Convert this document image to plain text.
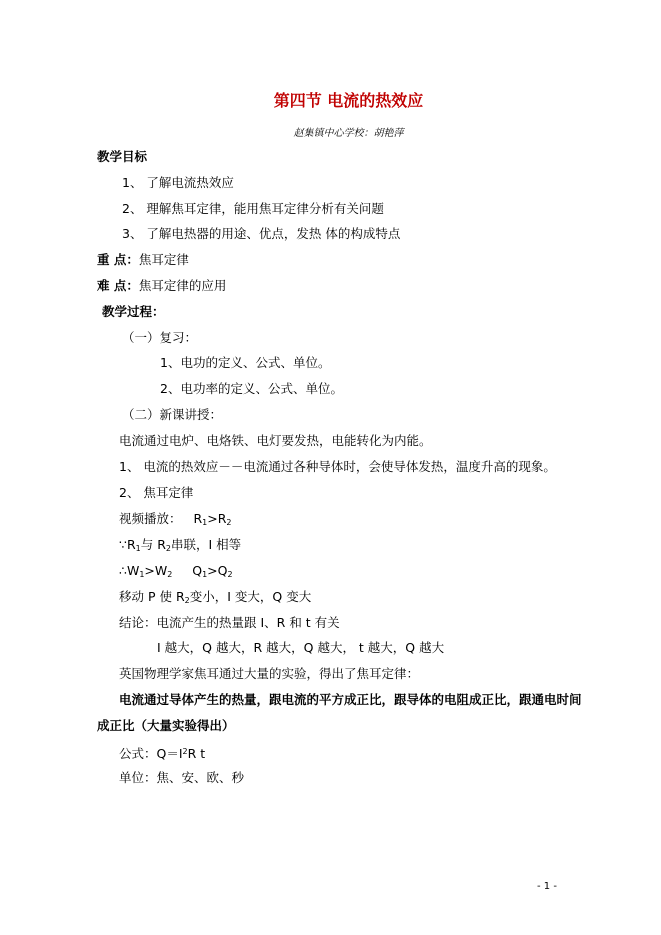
第四节 电流的热效应
赵集镇中心学校：胡艳萍
教学目标
1、 了解电流热效应
2、 理解焦耳定律，能用焦耳定律分析有关问题
3、 了解电热器的用途、优点，发热 体的构成特点
重 点：焦耳定律
难 点：焦耳定律的应用
教学过程：
（一）复习：
1、电功的定义、公式、单位。
2、电功率的定义、公式、单位。
（二）新课讲授：
电流通过电炉、电烙铁、电灯要发热，电能转化为内能。
1、 电流的热效应－－电流通过各种导体时，会使导体发热，温度升高的现象。
2、 焦耳定律
视频播放： $R_1>R_2$
$\because R_1$与 $R_2$串联，I 相等
$\therefore W_1>W_2$ $Q_1>Q_2$
移动 P 使 $R_2$变小，I 变大，Q 变大
结论：电流产生的热量跟 I、R 和 t 有关
I 越大，Q 越大，R 越大，Q 越大， t 越大，Q 越大
英国物理学家焦耳通过大量的实验，得出了焦耳定律：
电流通过导体产生的热量，跟电流的平方成正比，跟导体的电阻成正比，跟通电时间
成正比（大量实验得出）
公式：$Q=I^2R$ t
单位：焦、安、欧、秒
- 1 -
